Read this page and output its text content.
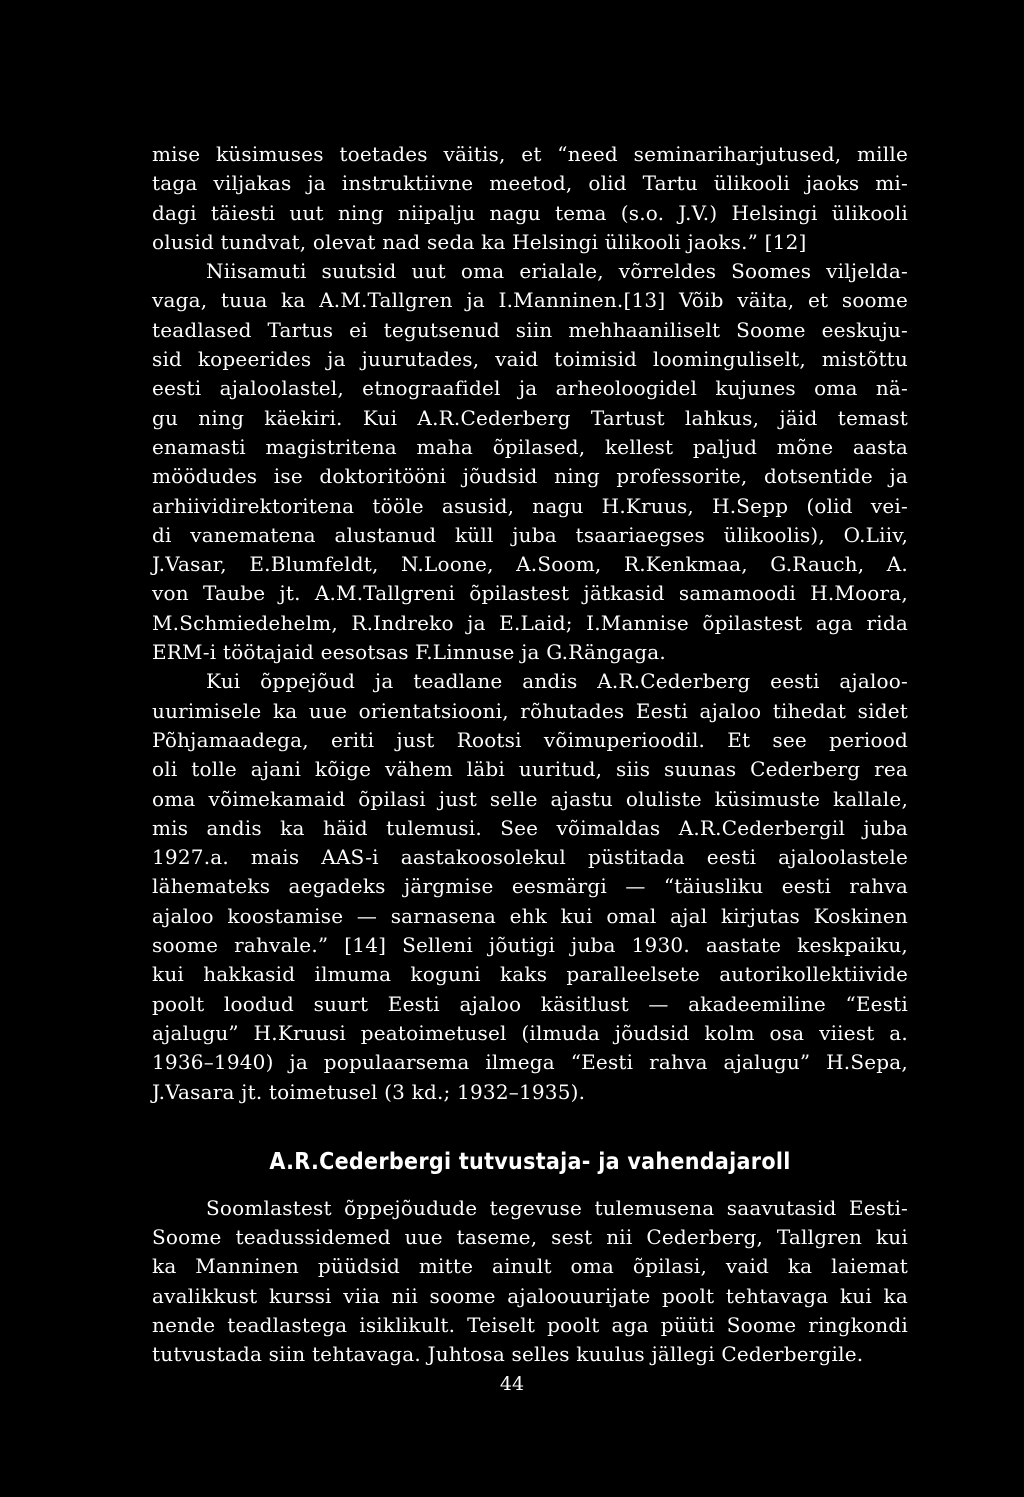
mise küsimuses toetades väitis, et “need seminariharjutused, mille
taga viljakas ja instruktiivne meetod, olid Tartu ülikooli jaoks mi-
dagi täiesti uut ning niipalju nagu tema (s.o. J.V.) Helsingi ülikooli
olusid tundvat, olevat nad seda ka Helsingi ülikooli jaoks.” [12]
Niisamuti suutsid uut oma erialale, võrreldes Soomes viljelda-
vaga, tuua ka A.M.Tallgren ja I.Manninen.[13] Võib väita, et soome
teadlased Tartus ei tegutsenud siin mehhaaniliselt Soome eeskuju-
sid kopeerides ja juurutades, vaid toimisid loominguliselt, mistõttu
eesti ajaloolastel, etnograafidel ja arheoloogidel kujunes oma nä-
gu ning käekiri. Kui A.R.Cederberg Tartust lahkus, jäid temast
enamasti magistritena maha õpilased, kellest paljud mõne aasta
möödudes ise doktoritööni jõudsid ning professorite, dotsentide ja
arhiividirektoritena tööle asusid, nagu H.Kruus, H.Sepp (olid vei-
di vanematena alustanud küll juba tsaariaegses ülikoolis), O.Liiv,
J.Vasar, E.Blumfeldt, N.Loone, A.Soom, R.Kenkmaa, G.Rauch, A.
von Taube jt. A.M.Tallgreni õpilastest jätkasid samamoodi H.Moora,
M.Schmiedehelm, R.Indreko ja E.Laid; I.Mannise õpilastest aga rida
ERM-i töötajaid eesotsas F.Linnuse ja G.Rängaga.
Kui õppejõud ja teadlane andis A.R.Cederberg eesti ajaloo-
uurimisele ka uue orientatsiooni, rõhutades Eesti ajaloo tihedat sidet
Põhjamaadega, eriti just Rootsi võimuperioodil. Et see periood
oli tolle ajani kõige vähem läbi uuritud, siis suunas Cederberg rea
oma võimekamaid õpilasi just selle ajastu oluliste küsimuste kallale,
mis andis ka häid tulemusi. See võimaldas A.R.Cederbergil juba
1927.a. mais AAS-i aastakoosolekul püstitada eesti ajaloolastele
lähemateks aegadeks järgmise eesmärgi — “täiusliku eesti rahva
ajaloo koostamise — sarnasena ehk kui omal ajal kirjutas Koskinen
soome rahvale.” [14] Selleni jõutigi juba 1930. aastate keskpaiku,
kui hakkasid ilmuma koguni kaks paralleelsete autorikollektiivide
poolt loodud suurt Eesti ajaloo käsitlust — akadeemiline “Eesti
ajalugu” H.Kruusi peatoimetusel (ilmuda jõudsid kolm osa viiest a.
1936–1940) ja populaarsema ilmega “Eesti rahva ajalugu” H.Sepa,
J.Vasara jt. toimetusel (3 kd.; 1932–1935).
A.R.Cederbergi tutvustaja- ja vahendajaroll
Soomlastest õppejõudude tegevuse tulemusena saavutasid Eesti-
Soome teadussidemed uue taseme, sest nii Cederberg, Tallgren kui
ka Manninen püüdsid mitte ainult oma õpilasi, vaid ka laiemat
avalikkust kurssi viia nii soome ajaloouurijate poolt tehtavaga kui ka
nende teadlastega isiklikult. Teiselt poolt aga püüti Soome ringkondi
tutvustada siin tehtavaga. Juhtosa selles kuulus jällegi Cederbergile.
44
